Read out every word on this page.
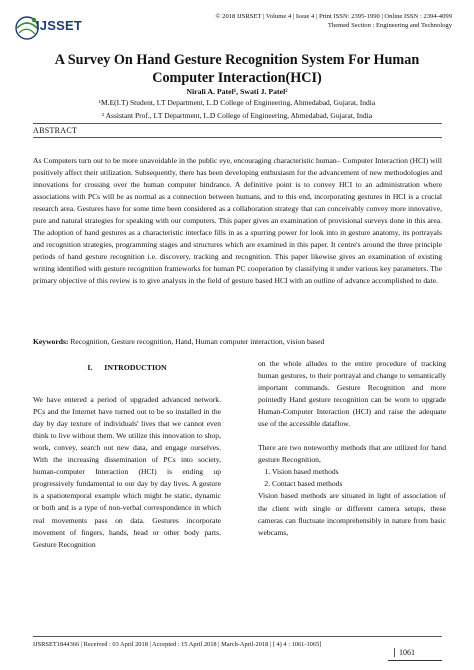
IJSSET
© 2018 IJSRSET | Volume 4 | Issue 4 | Print ISSN: 2395-1990 | Online ISSN : 2394-4099
Themed Section : Engineering and Technology
A Survey On Hand Gesture Recognition System For Human
Computer Interaction(HCI)
Nirali A. Patel¹, Swati J. Patel²
¹M.E(I.T) Student, I.T Department, L.D College of Engineering, Ahmedabad, Gujarat, India
² Assistant Prof., I.T Department, L.D College of Engineering, Ahmedabad, Gujarat, India
ABSTRACT
As Computers turn out to be more unavoidable in the public eye, encouraging characteristic human– Computer Interaction (HCI) will positively affect their utilization. Subsequently, there has been developing enthusiasm for the advancement of new methodologies and innovations for crossing over the human computer hindrance. A definitive point is to convey HCI to an administration where associations with PCs will be as normal as a connection between humans, and to this end, incorporating gestures in HCI is a crucial research area. Gestures have for some time been considered as a collaboration strategy that can conceivably convey more innovative, pure and natural strategies for speaking with our computers. This paper gives an examination of provisional surveys done in this area. The adoption of hand gestures as a characteristic interface fills in as a spurring power for look into in gesture anatomy, its portrayals and recognition strategies, programming stages and structures which are examined in this paper. It centre's around the three principle periods of hand gesture recognition i.e. discovery, tracking and recognition. This paper likewise gives an examination of existing writing identified with gesture recognition frameworks for human PC cooperation by classifying it under various key parameters. The primary objective of this review is to give analysts in the field of gesture based HCI with an outline of advance accomplished to date.
Keywords: Recognition, Gesture recognition, Hand, Human computer interaction, vision based
I. INTRODUCTION

We have entered a period of upgraded advanced network. PCs and the Internet have turned out to be so installed in the day by day texture of individuals' lives that we cannot even think to live without them. We utilize this innovation to shop, work, convey, search out new data, and engage ourselves. With the increasing dissemination of PCs into society, human-computer Interaction (HCI) is ending up progressively fundamental to our day by day lives. A gesture is a spatiotemporal example which might be static, dynamic or both and is a type of non-verbal correspondence in which real movements pass on data. Gestures incorporate movement of fingers, hands, head or other body parts. Gesture Recognition

on the whole alludes to the entire procedure of tracking human gestures, to their portrayal and change to semantically important commands. Gesture Recognition and more pointedly Hand gesture recognition can be worn to upgrade Human-Computer Interaction (HCI) and raise the adequate use of the accessible dataflow.

There are two noteworthy methods that are utilized for hand gesture Recognition,

1. Vision based methods
2. Contact based methods

Vision based methods are situated in light of association of the client with single or different camera setups, these cameras can fluctuate incomprehensibly in nature from basic webcams,

IJSRSET1844366 | Received : 03 April 2018 | Accepted : 15 April 2018 | March-April-2018 | [ 4) 4 : 1061-1065]
1061
